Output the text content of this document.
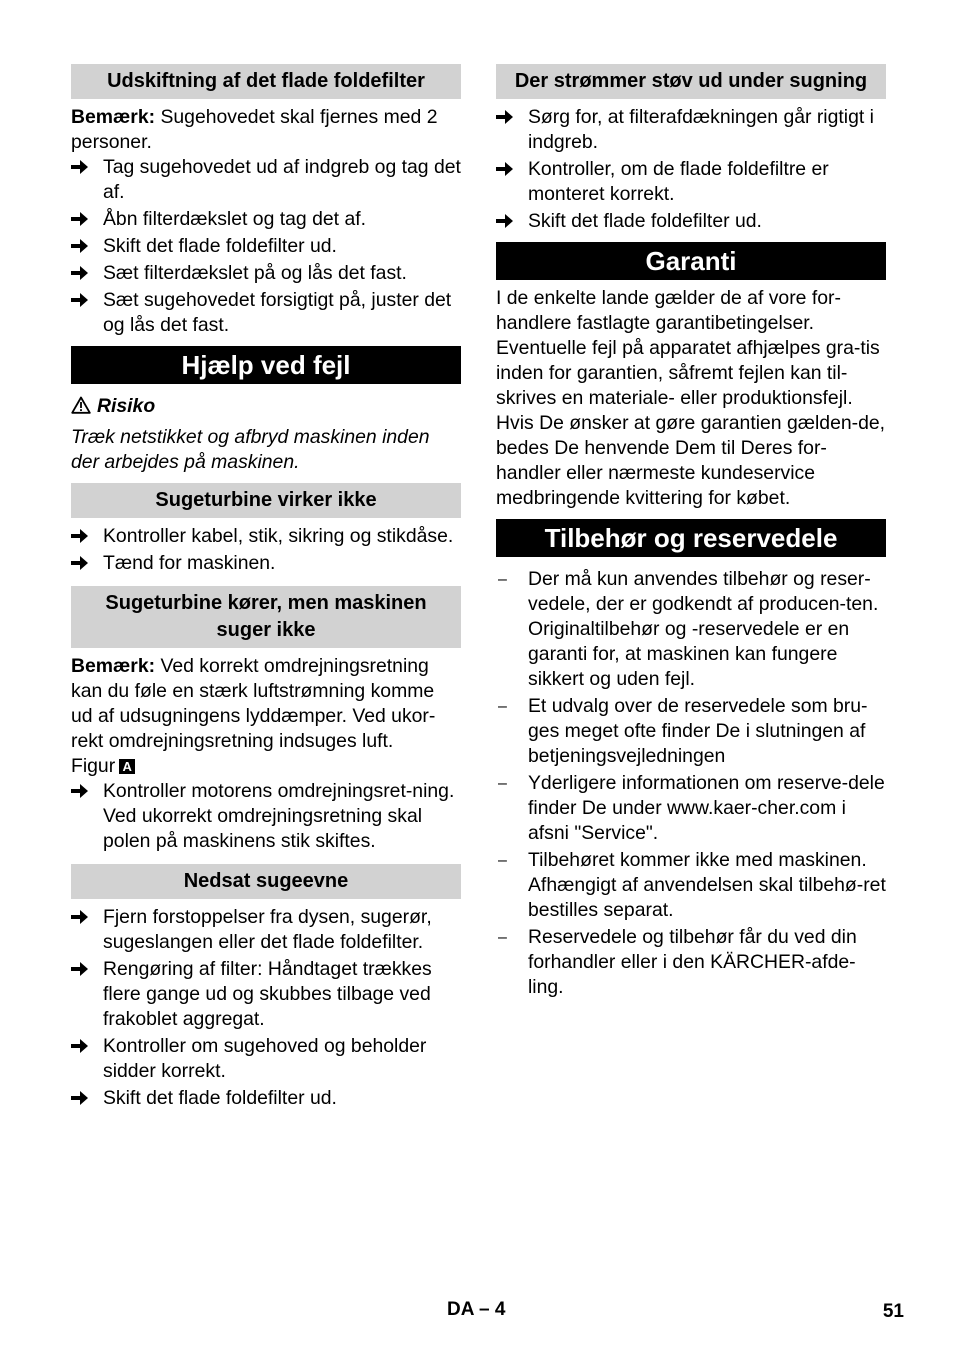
Udskiftning af det flade foldefilter

Bemærk: Sugehovedet skal fjernes med 2 personer.

Tag sugehovedet ud af indgreb og tag det af.
Åbn filterdækslet og tag det af.
Skift det flade foldefilter ud.
Sæt filterdækslet på og lås det fast.
Sæt sugehovedet forsigtigt på, juster det og lås det fast.
Hjælp ved fejl
Risiko

Træk netstikket og afbryd maskinen inden der arbejdes på maskinen.

Sugeturbine virker ikke
Kontroller kabel, stik, sikring og stikdåse.
Tænd for maskinen.
Sugeturbine kører, men maskinen suger ikke

Bemærk: Ved korrekt omdrejningsretning kan du føle en stærk luftstrømning komme ud af udsugningens lyddæmper. Ved ukor-rekt omdrejningsretning indsuges luft.

Figur A

Kontroller motorens omdrejningsret-ning. Ved ukorrekt omdrejningsretning skal polen på maskinens stik skiftes.
Nedsat sugeevne
Fjern forstoppelser fra dysen, sugerør, sugeslangen eller det flade foldefilter.
Rengøring af filter: Håndtaget trækkes flere gange ud og skubbes tilbage ved frakoblet aggregat.
Kontroller om sugehoved og beholder sidder korrekt.
Skift det flade foldefilter ud.
Der strømmer støv ud under sugning
Sørg for, at filterafdækningen går rigtigt i indgreb.
Kontroller, om de flade foldefiltre er monteret korrekt.
Skift det flade foldefilter ud.
Garanti

I de enkelte lande gælder de af vore for-handlere fastlagte garantibetingelser. Eventuelle fejl på apparatet afhjælpes gra-tis inden for garantien, såfremt fejlen kan til-skrives en materiale- eller produktionsfejl. Hvis De ønsker at gøre garantien gælden-de, bedes De henvende Dem til Deres for-handler eller nærmeste kundeservice medbringende kvittering for købet.

Tilbehør og reservedele
–	Der må kun anvendes tilbehør og reser-vedele, der er godkendt af producen-ten. Originaltilbehør og -reservedele er en garanti for, at maskinen kan fungere sikkert og uden fejl.
–	Et udvalg over de reservedele som bru-ges meget ofte finder De i slutningen af betjeningsvejledningen
–	Yderligere informationen om reserve-dele finder De under www.kaer-cher.com i afsni "Service".
–	Tilbehøret kommer ikke med maskinen. Afhængigt af anvendelsen skal tilbehø-ret bestilles separat.
–	Reservedele og tilbehør får du ved din forhandler eller i den KÄRCHER-afde-ling.
DA – 4	51
